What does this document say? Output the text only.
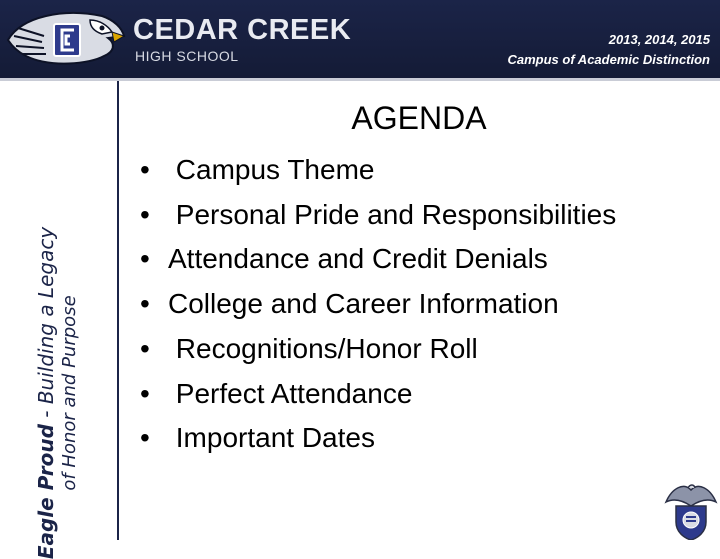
CEDAR CREEK
HIGH SCHOOL
2013, 2014, 2015
Campus of Academic Distinction
Eagle Proud - Building a Legacy of Honor and Purpose
AGENDA
• Campus Theme
• Personal Pride and Responsibilities
• Attendance and Credit Denials
• College and Career Information
• Recognitions/Honor Roll
• Perfect Attendance
• Important Dates
